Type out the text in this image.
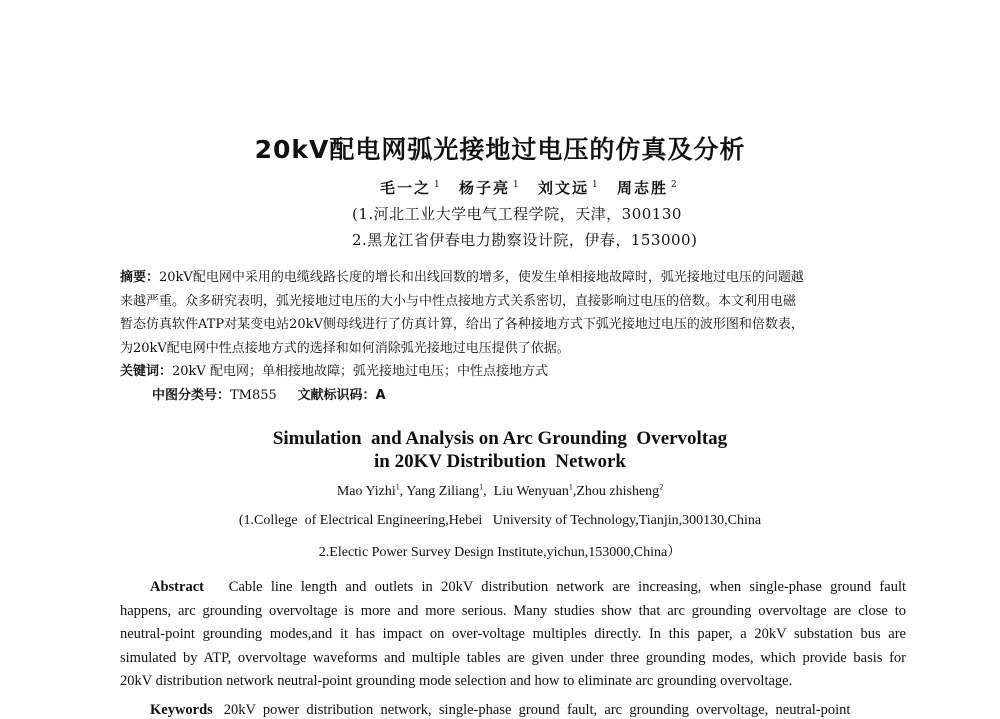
20kV配电网弧光接地过电压的仿真及分析
毛一之 $^1$ 杨子亮 $^1$ 刘文远 $^1$ 周志胜 $^2$
(1.河北工业大学电气工程学院，天津，300130
2.黑龙江省伊春电力勘察设计院，伊春，153000)
摘要：20kV配电网中采用的电缆线路长度的增长和出线回数的增多，使发生单相接地故障时，弧光接地过电压的问题越
来越严重。众多研究表明，弧光接地过电压的大小与中性点接地方式关系密切，直接影响过电压的倍数。本文利用电磁
暂态仿真软件ATP对某变电站20kV侧母线进行了仿真计算，给出了各种接地方式下弧光接地过电压的波形图和倍数表，
为20kV配电网中性点接地方式的选择和如何消除弧光接地过电压提供了依据。
关键词：20kV 配电网；单相接地故障；弧光接地过电压；中性点接地方式
中图分类号：TM855 文献标识码：A
Simulation  and Analysis on Arc Grounding  Overvoltag
in 20KV Distribution  Network
Mao Yizhi$^1$, Yang Ziliang$^1$,  Liu Wenyuan$^1$,Zhou zhisheng$^2$
(1.College  of Electrical Engineering,Hebei   University of Technology,Tianjin,300130,China
2.Electic Power Survey Design Institute,yichun,153000,China）
Abstract Cable line length and outlets in 20kV distribution network are increasing, when single-phase ground fault
happens, arc grounding overvoltage is more and more serious. Many studies show that arc grounding overvoltage are close to
neutral-point grounding modes,and it has impact on over-voltage multiples directly. In this paper, a 20kV substation bus are
simulated by ATP, overvoltage waveforms and multiple tables are given under three grounding modes, which provide basis for
20kV distribution network neutral-point grounding mode selection and how to eliminate arc grounding overvoltage.
Keywords 20kV  power  distribution  network,  single-phase  ground  fault,  arc  grounding  overvoltage,  neutral-point
